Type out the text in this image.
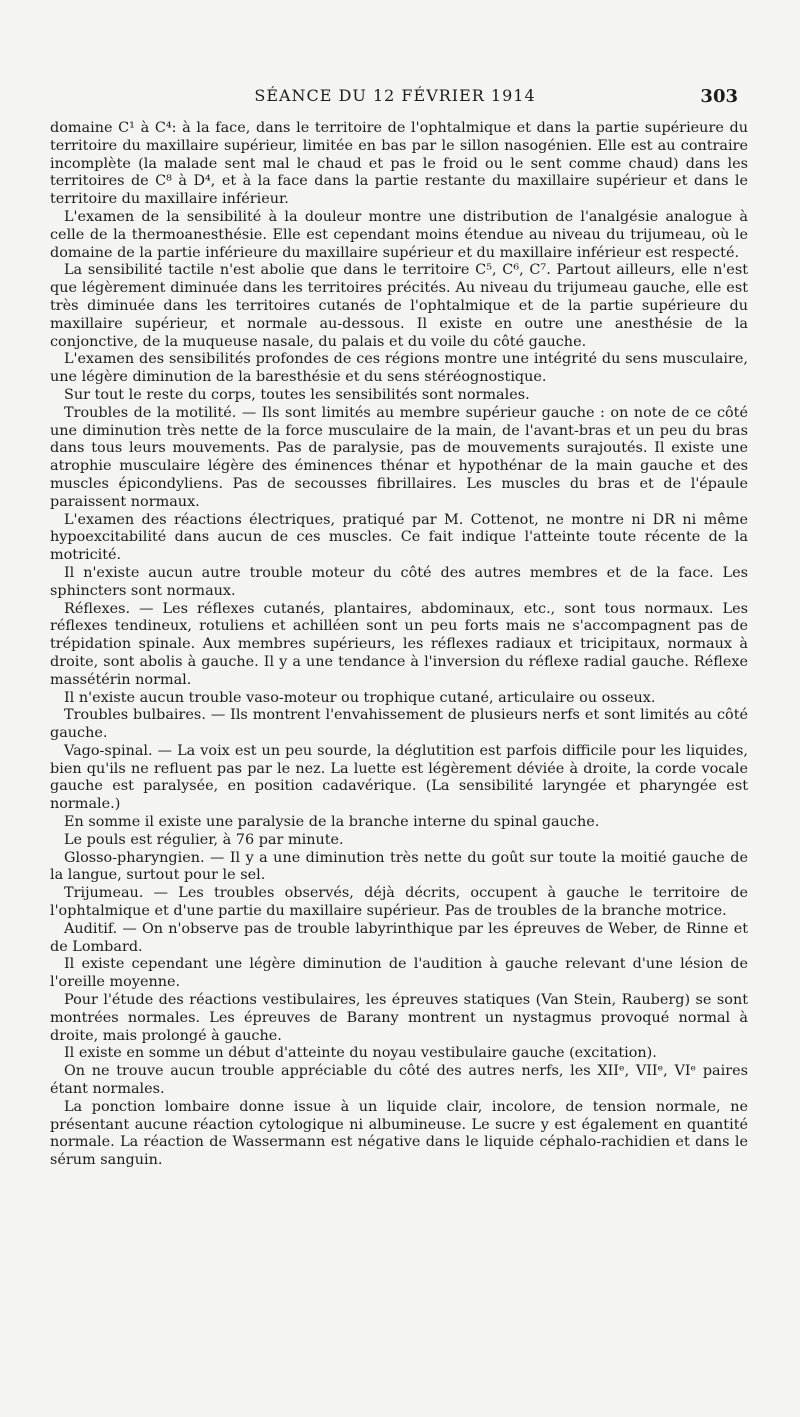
SÉANCE DU 12 FÉVRIER 1914	303

domaine C¹ à C⁴: à la face, dans le territoire de l'ophtalmique et dans la partie supérieure du territoire du maxillaire supérieur, limitée en bas par le sillon nasogénien. Elle est au contraire incomplète (la malade sent mal le chaud et pas le froid ou le sent comme chaud) dans les territoires de C⁸ à D⁴, et à la face dans la partie restante du maxillaire supérieur et dans le territoire du maxillaire inférieur.

L'examen de la sensibilité à la douleur montre une distribution de l'analgésie analogue à celle de la thermoanesthésie. Elle est cependant moins étendue au niveau du trijumeau, où le domaine de la partie inférieure du maxillaire supérieur et du maxillaire inférieur est respecté.

La sensibilité tactile n'est abolie que dans le territoire C⁵, C⁶, C⁷. Partout ailleurs, elle n'est que légèrement diminuée dans les territoires précités. Au niveau du trijumeau gauche, elle est très diminuée dans les territoires cutanés de l'ophtalmique et de la partie supérieure du maxillaire supérieur, et normale au-dessous. Il existe en outre une anesthésie de la conjonctive, de la muqueuse nasale, du palais et du voile du côté gauche.

L'examen des sensibilités profondes de ces régions montre une intégrité du sens musculaire, une légère diminution de la baresthésie et du sens stéréognostique.

Sur tout le reste du corps, toutes les sensibilités sont normales.

Troubles de la motilité. — Ils sont limités au membre supérieur gauche : on note de ce côté une diminution très nette de la force musculaire de la main, de l'avant-bras et un peu du bras dans tous leurs mouvements. Pas de paralysie, pas de mouvements surajoutés. Il existe une atrophie musculaire légère des éminences thénar et hypothénar de la main gauche et des muscles épicondyliens. Pas de secousses fibrillaires. Les muscles du bras et de l'épaule paraissent normaux.

L'examen des réactions électriques, pratiqué par M. Cottenot, ne montre ni DR ni même hypoexcitabilité dans aucun de ces muscles. Ce fait indique l'atteinte toute récente de la motricité.

Il n'existe aucun autre trouble moteur du côté des autres membres et de la face. Les sphincters sont normaux.

Réflexes. — Les réflexes cutanés, plantaires, abdominaux, etc., sont tous normaux. Les réflexes tendineux, rotuliens et achilléen sont un peu forts mais ne s'accompagnent pas de trépidation spinale. Aux membres supérieurs, les réflexes radiaux et tricipitaux, normaux à droite, sont abolis à gauche. Il y a une tendance à l'inversion du réflexe radial gauche. Réflexe massétérin normal.

Il n'existe aucun trouble vaso-moteur ou trophique cutané, articulaire ou osseux.

Troubles bulbaires. — Ils montrent l'envahissement de plusieurs nerfs et sont limités au côté gauche.

Vago-spinal. — La voix est un peu sourde, la déglutition est parfois difficile pour les liquides, bien qu'ils ne refluent pas par le nez. La luette est légèrement déviée à droite, la corde vocale gauche est paralysée, en position cadavérique. (La sensibilité laryngée et pharyngée est normale.)

En somme il existe une paralysie de la branche interne du spinal gauche.

Le pouls est régulier, à 76 par minute.

Glosso-pharyngien. — Il y a une diminution très nette du goût sur toute la moitié gauche de la langue, surtout pour le sel.

Trijumeau. — Les troubles observés, déjà décrits, occupent à gauche le territoire de l'ophtalmique et d'une partie du maxillaire supérieur. Pas de troubles de la branche motrice.

Auditif. — On n'observe pas de trouble labyrinthique par les épreuves de Weber, de Rinne et de Lombard.

Il existe cependant une légère diminution de l'audition à gauche relevant d'une lésion de l'oreille moyenne.

Pour l'étude des réactions vestibulaires, les épreuves statiques (Van Stein, Rauberg) se sont montrées normales. Les épreuves de Barany montrent un nystagmus provoqué normal à droite, mais prolongé à gauche.

Il existe en somme un début d'atteinte du noyau vestibulaire gauche (excitation).

On ne trouve aucun trouble appréciable du côté des autres nerfs, les XIIᵉ, VIIᵉ, VIᵉ paires étant normales.

La ponction lombaire donne issue à un liquide clair, incolore, de tension normale, ne présentant aucune réaction cytologique ni albumineuse. Le sucre y est également en quantité normale. La réaction de Wassermann est négative dans le liquide céphalo-rachidien et dans le sérum sanguin.
